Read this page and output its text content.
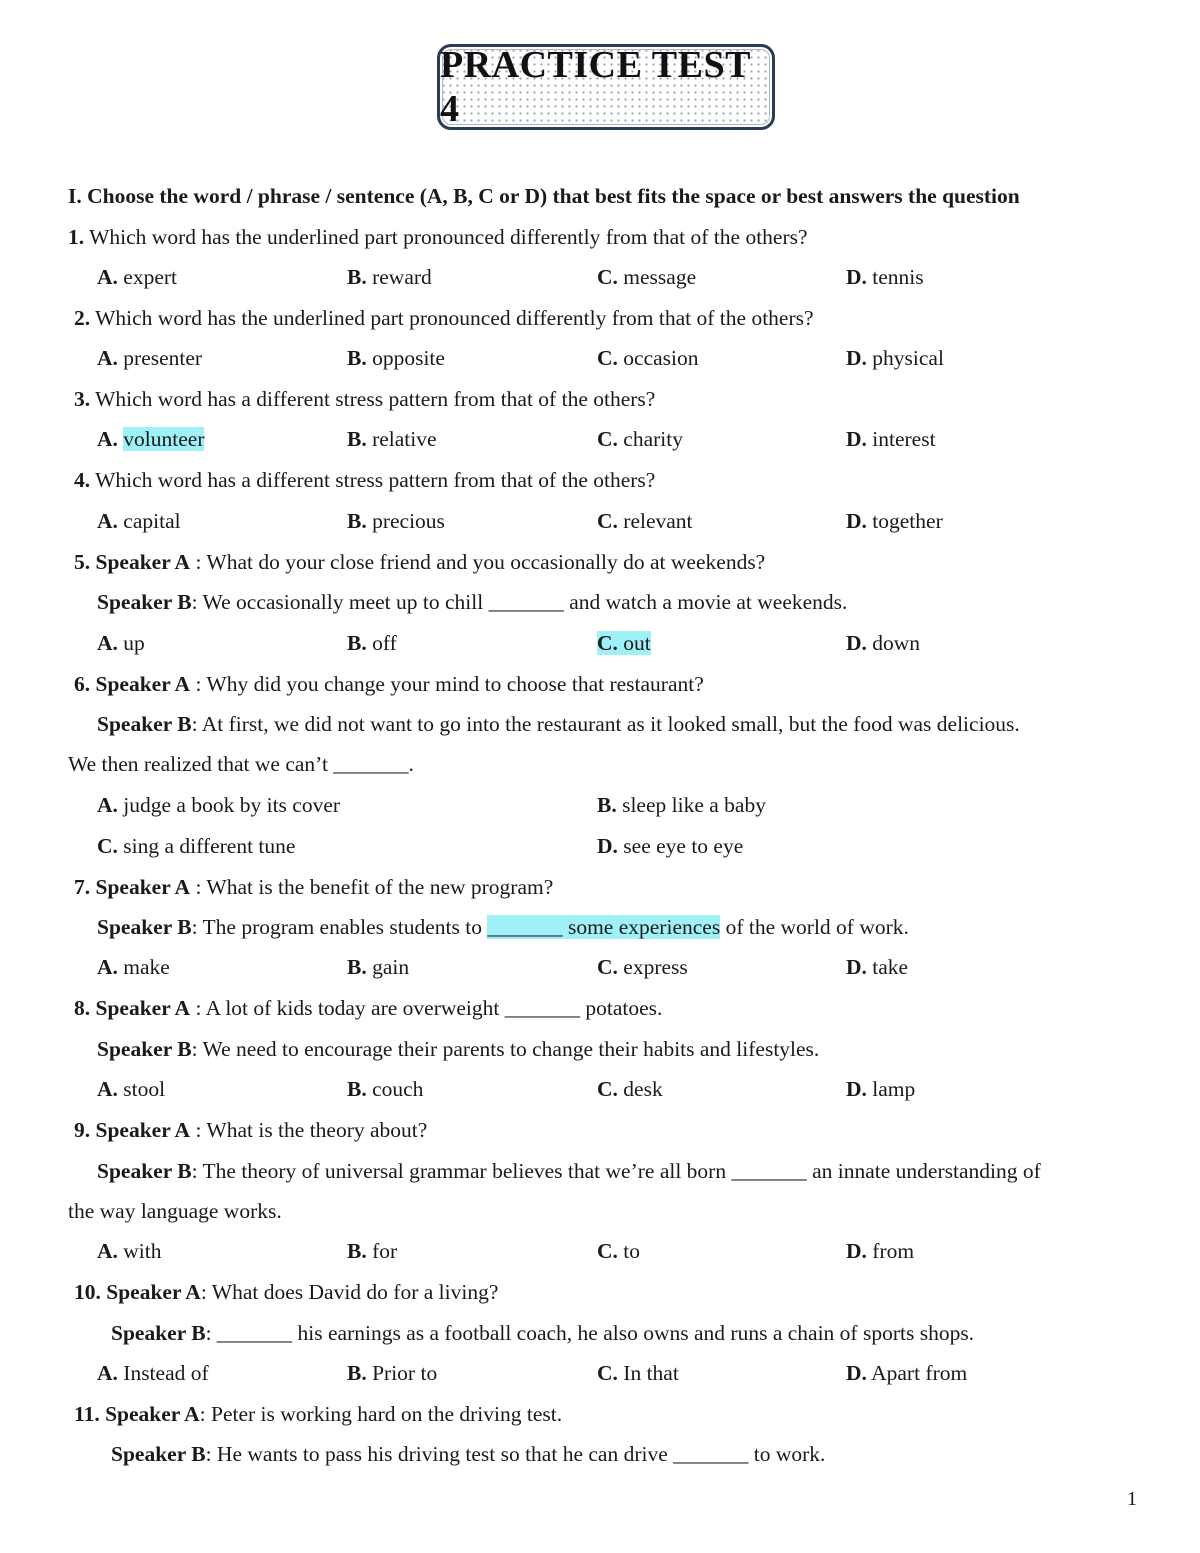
PRACTICE TEST 4
I. Choose the word / phrase / sentence (A, B, C or D) that best fits the space or best answers the question
1. Which word has the underlined part pronounced differently from that of the others?
A. expert	B. reward	C. message	D. tennis
2. Which word has the underlined part pronounced differently from that of the others?
A. presenter	B. opposite	C. occasion	D. physical
3. Which word has a different stress pattern from that of the others?
A. volunteer	B. relative	C. charity	D. interest
4. Which word has a different stress pattern from that of the others?
A. capital	B. precious	C. relevant	D. together
5. Speaker A : What do your close friend and you occasionally do at weekends?
Speaker B: We occasionally meet up to chill _______ and watch a movie at weekends.
A. up	B. off	C. out	D. down
6. Speaker A : Why did you change your mind to choose that restaurant?
Speaker B: At first, we did not want to go into the restaurant as it looked small, but the food was delicious.
We then realized that we can’t _______.
A. judge a book by its cover	B. sleep like a baby
C. sing a different tune	D. see eye to eye
7. Speaker A : What is the benefit of the new program?
Speaker B: The program enables students to _______ some experiences of the world of work.
A. make	B. gain	C. express	D. take
8. Speaker A : A lot of kids today are overweight _______ potatoes.
Speaker B: We need to encourage their parents to change their habits and lifestyles.
A. stool	B. couch	C. desk	D. lamp
9. Speaker A : What is the theory about?
Speaker B: The theory of universal grammar believes that we’re all born _______ an innate understanding of
the way language works.
A. with	B. for	C. to	D. from
10. Speaker A: What does David do for a living?
Speaker B: _______ his earnings as a football coach, he also owns and runs a chain of sports shops.
A. Instead of	B. Prior to	C. In that	D. Apart from
11. Speaker A: Peter is working hard on the driving test.
Speaker B: He wants to pass his driving test so that he can drive _______ to work.
1
